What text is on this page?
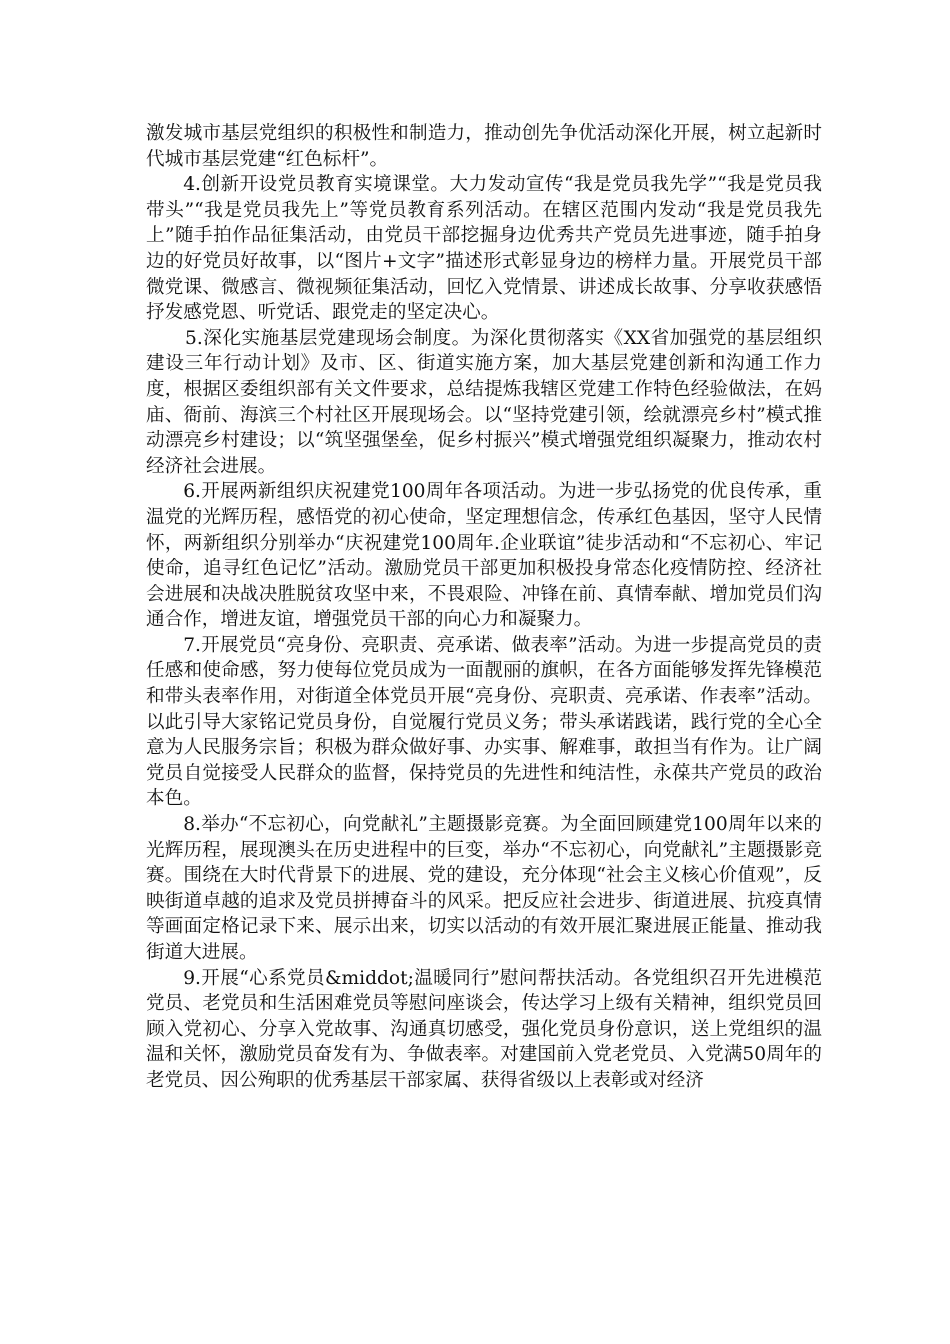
激发城市基层党组织的积极性和制造力，推动创先争优活动深化开展，树立起新时代城市基层党建“红色标杆”。

4.创新开设党员教育实境课堂。大力发动宣传“我是党员我先学”“我是党员我带头”“我是党员我先上”等党员教育系列活动。在辖区范围内发动“我是党员我先上”随手拍作品征集活动，由党员干部挖掘身边优秀共产党员先进事迹，随手拍身边的好党员好故事，以“图片+文字”描述形式彰显身边的榜样力量。开展党员干部微党课、微感言、微视频征集活动，回忆入党情景、讲述成长故事、分享收获感悟抒发感党恩、听党话、跟党走的坚定决心。

5.深化实施基层党建现场会制度。为深化贯彻落实《XX省加强党的基层组织建设三年行动计划》及市、区、街道实施方案，加大基层党建创新和沟通工作力度，根据区委组织部有关文件要求，总结提炼我辖区党建工作特色经验做法，在妈庙、衙前、海滨三个村社区开展现场会。以“坚持党建引领，绘就漂亮乡村”模式推动漂亮乡村建设；以“筑坚强堡垒，促乡村振兴”模式增强党组织凝聚力，推动农村经济社会进展。

6.开展两新组织庆祝建党100周年各项活动。为进一步弘扬党的优良传承，重温党的光辉历程，感悟党的初心使命，坚定理想信念，传承红色基因，坚守人民情怀，两新组织分别举办“庆祝建党100周年.企业联谊”徒步活动和“不忘初心、牢记使命，追寻红色记忆”活动。激励党员干部更加积极投身常态化疫情防控、经济社会进展和决战决胜脱贫攻坚中来，不畏艰险、冲锋在前、真情奉献、增加党员们沟通合作，增进友谊，增强党员干部的向心力和凝聚力。

7.开展党员“亮身份、亮职责、亮承诺、做表率”活动。为进一步提高党员的责任感和使命感，努力使每位党员成为一面靓丽的旗帜，在各方面能够发挥先锋模范和带头表率作用，对街道全体党员开展“亮身份、亮职责、亮承诺、作表率”活动。以此引导大家铭记党员身份，自觉履行党员义务；带头承诺践诺，践行党的全心全意为人民服务宗旨；积极为群众做好事、办实事、解难事，敢担当有作为。让广阔党员自觉接受人民群众的监督，保持党员的先进性和纯洁性，永葆共产党员的政治本色。

8.举办“不忘初心，向党献礼”主题摄影竞赛。为全面回顾建党100周年以来的光辉历程，展现澳头在历史进程中的巨变，举办“不忘初心，向党献礼”主题摄影竞赛。围绕在大时代背景下的进展、党的建设，充分体现“社会主义核心价值观”，反映街道卓越的追求及党员拼搏奋斗的风采。把反应社会进步、街道进展、抗疫真情等画面定格记录下来、展示出来，切实以活动的有效开展汇聚进展正能量、推动我街道大进展。

9.开展“心系党员&middot;温暖同行”慰问帮扶活动。各党组织召开先进模范党员、老党员和生活困难党员等慰问座谈会，传达学习上级有关精神，组织党员回顾入党初心、分享入党故事、沟通真切感受，强化党员身份意识，送上党组织的温温和关怀，激励党员奋发有为、争做表率。对建国前入党老党员、入党满50周年的老党员、因公殉职的优秀基层干部家属、获得省级以上表彰或对经济
